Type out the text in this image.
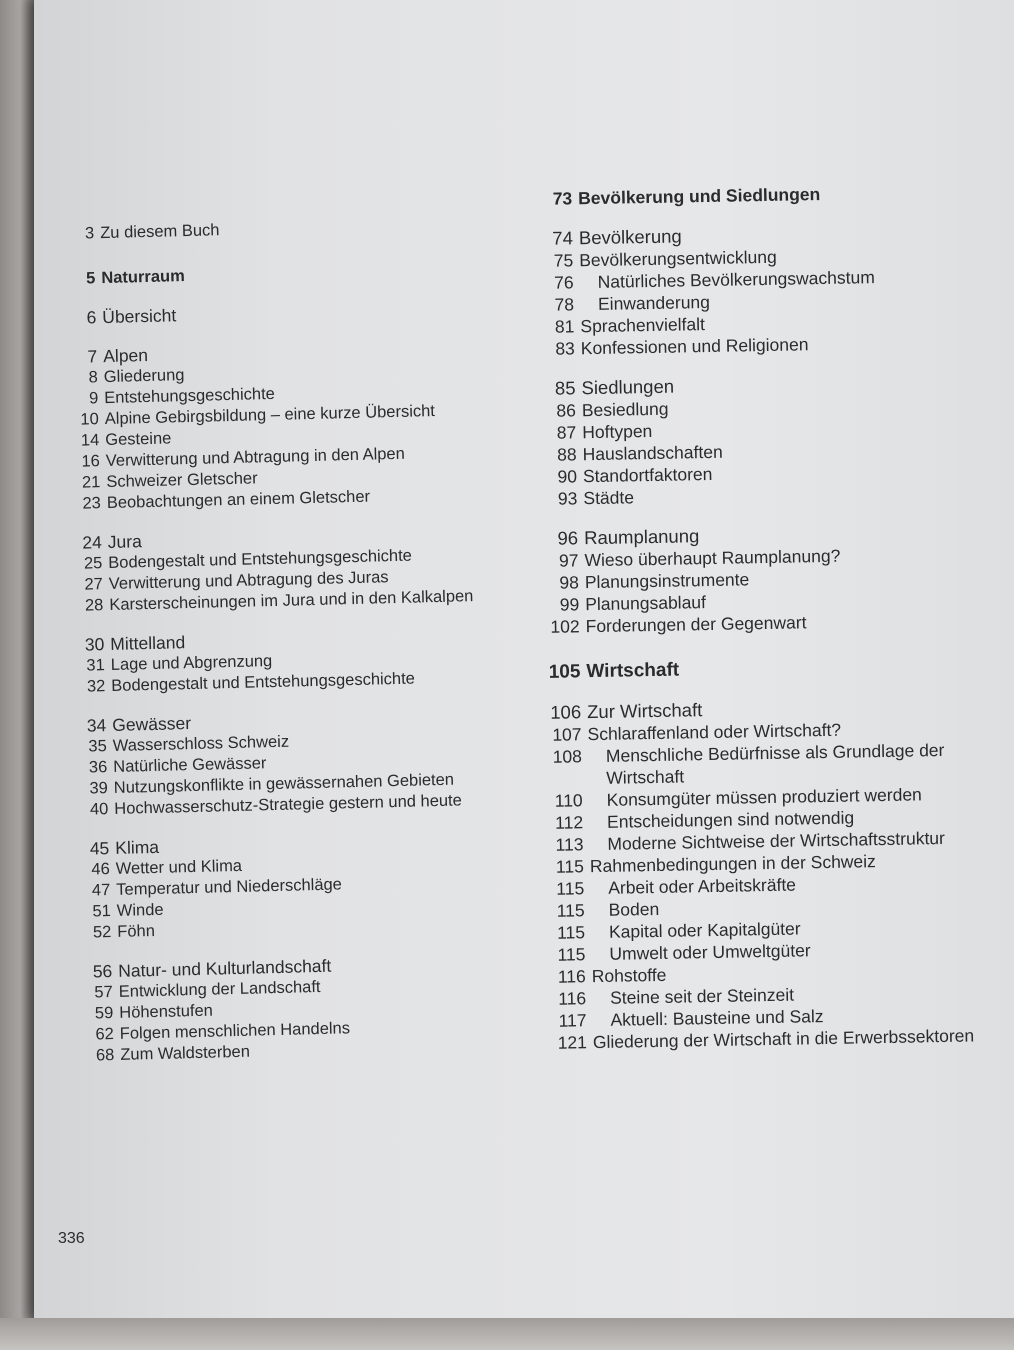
3 Zu diesem Buch
5 Naturraum
6 Übersicht
7 Alpen
8 Gliederung
9 Entstehungsgeschichte
10 Alpine Gebirgsbildung – eine kurze Übersicht
14 Gesteine
16 Verwitterung und Abtragung in den Alpen
21 Schweizer Gletscher
23 Beobachtungen an einem Gletscher
24 Jura
25 Bodengestalt und Entstehungsgeschichte
27 Verwitterung und Abtragung des Juras
28 Karsterscheinungen im Jura und in den Kalkalpen
30 Mittelland
31 Lage und Abgrenzung
32 Bodengestalt und Entstehungsgeschichte
34 Gewässer
35 Wasserschloss Schweiz
36 Natürliche Gewässer
39 Nutzungskonflikte in gewässernahen Gebieten
40 Hochwasserschutz-Strategie gestern und heute
45 Klima
46 Wetter und Klima
47 Temperatur und Niederschläge
51 Winde
52 Föhn
56 Natur- und Kulturlandschaft
57 Entwicklung der Landschaft
59 Höhenstufen
62 Folgen menschlichen Handelns
68 Zum Waldsterben
73 Bevölkerung und Siedlungen
74 Bevölkerung
75 Bevölkerungsentwicklung
76	Natürliches Bevölkerungswachstum
78	Einwanderung
81 Sprachenvielfalt
83 Konfessionen und Religionen
85 Siedlungen
86 Besiedlung
87 Hoftypen
88 Hauslandschaften
90 Standortfaktoren
93 Städte
96 Raumplanung
97 Wieso überhaupt Raumplanung?
98 Planungsinstrumente
99 Planungsablauf
102 Forderungen der Gegenwart
105 Wirtschaft
106 Zur Wirtschaft
107 Schlaraffenland oder Wirtschaft?
108	Menschliche Bedürfnisse als Grundlage der
Wirtschaft
110	Konsumgüter müssen produziert werden
112	Entscheidungen sind notwendig
113	Moderne Sichtweise der Wirtschaftsstruktur
115 Rahmenbedingungen in der Schweiz
115	Arbeit oder Arbeitskräfte
115	Boden
115	Kapital oder Kapitalgüter
115	Umwelt oder Umweltgüter
116 Rohstoffe
116	Steine seit der Steinzeit
117	Aktuell: Bausteine und Salz
121 Gliederung der Wirtschaft in die Erwerbssektoren
336
